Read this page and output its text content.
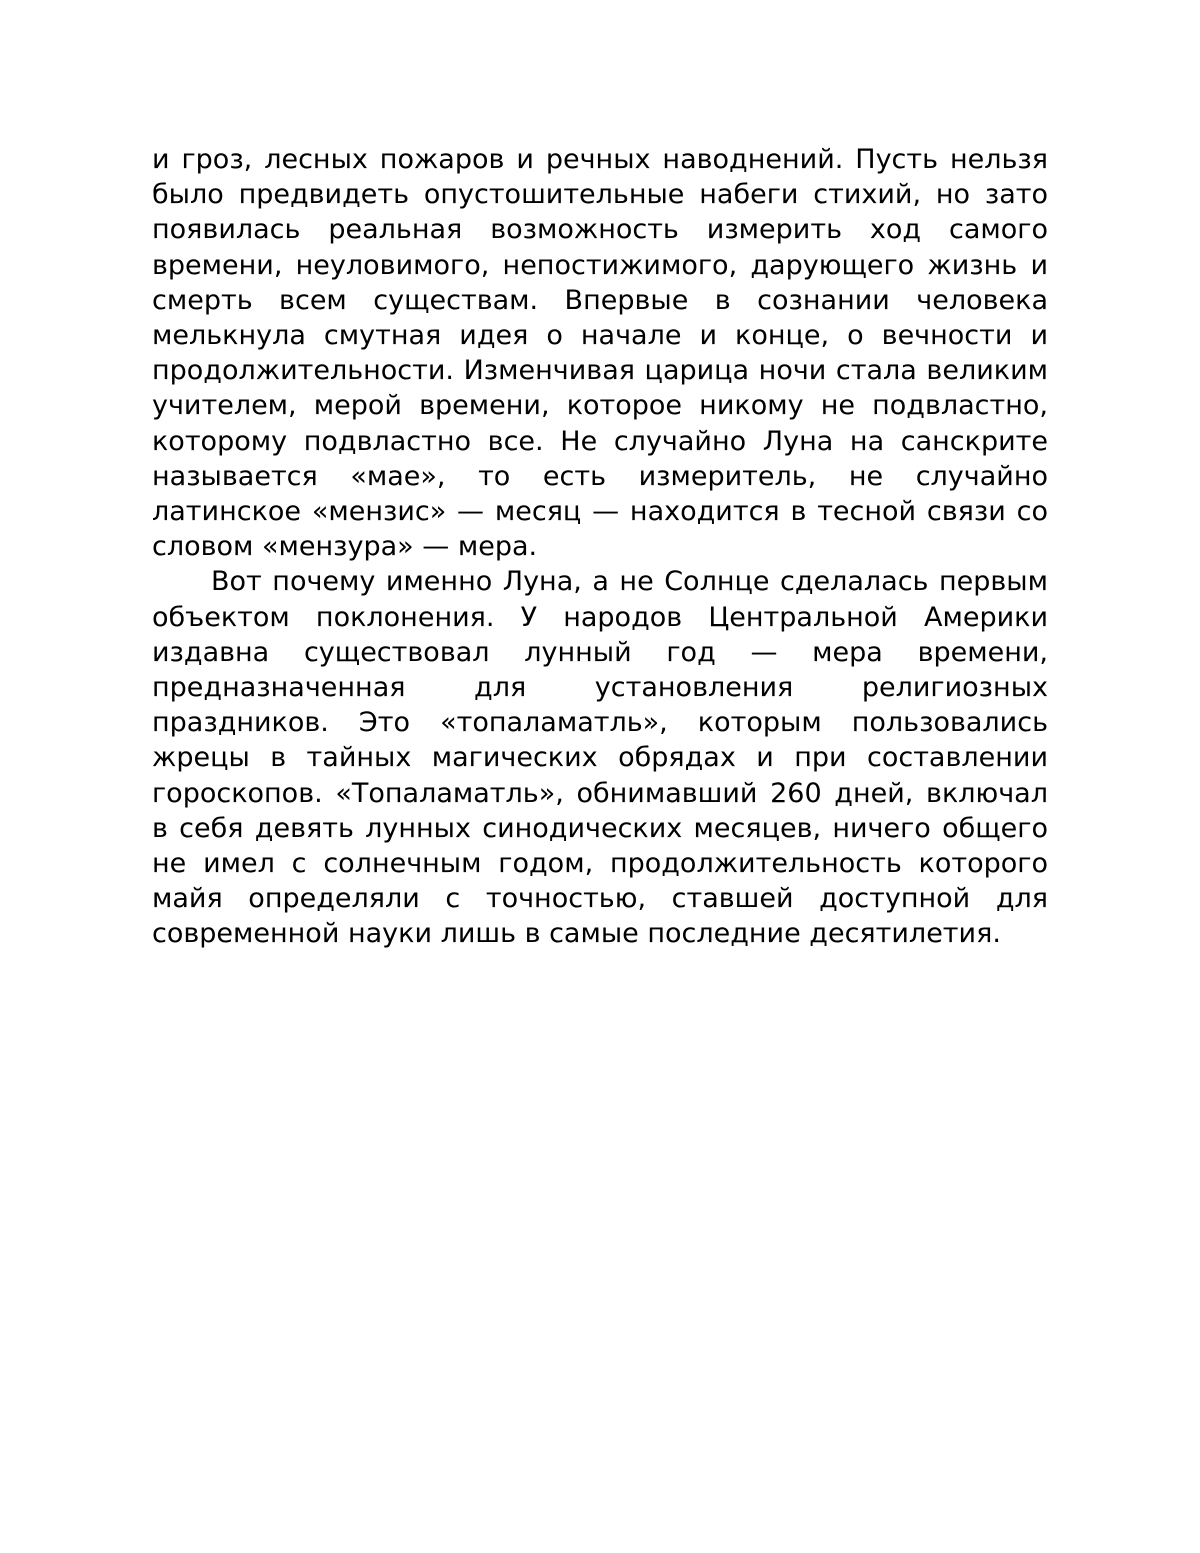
и гроз, лесных пожаров и речных наводнений. Пусть нельзя было предвидеть опустошительные набеги стихий, но зато появилась реальная возможность измерить ход самого времени, неуловимого, непостижимого, дарующего жизнь и смерть всем существам. Впервые в сознании человека мелькнула смутная идея о начале и конце, о вечности и продолжительности. Изменчивая царица ночи стала великим учителем, мерой времени, которое никому не подвластно, которому подвластно все. Не случайно Луна на санскрите называется «мае», то есть измеритель, не случайно латинское «мензис» — месяц — находится в тесной связи со словом «мензура» — мера.

Вот почему именно Луна, а не Солнце сделалась первым объектом поклонения. У народов Центральной Америки издавна существовал лунный год — мера времени, предназначенная для установления религиозных праздников. Это «топаламатль», которым пользовались жрецы в тайных магических обрядах и при составлении гороскопов. «Топаламатль», обнимавший 260 дней, включал в себя девять лунных синодических месяцев, ничего общего не имел с солнечным годом, продолжительность которого майя определяли с точностью, ставшей доступной для современной науки лишь в самые последние десятилетия.
